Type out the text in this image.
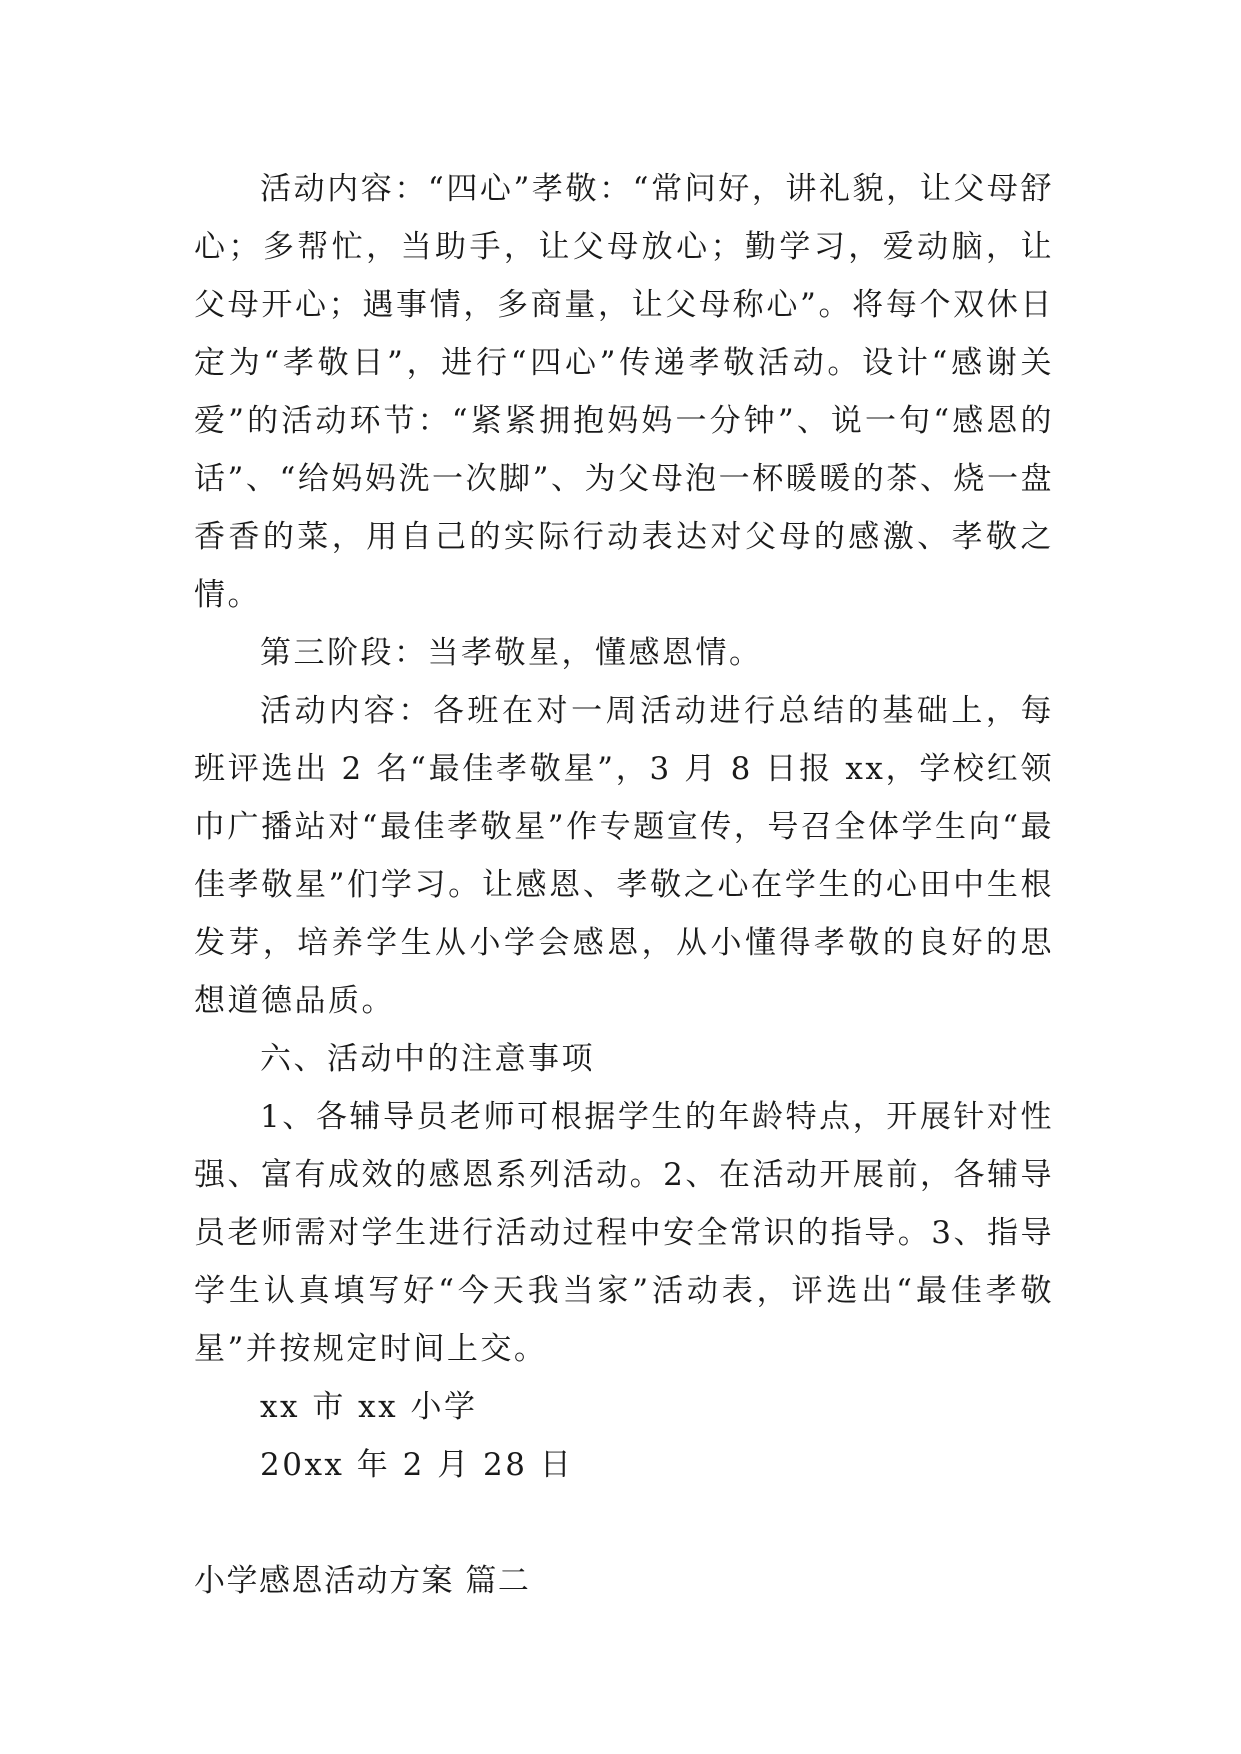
活动内容：“四心”孝敬：“常问好，讲礼貌，让父母舒心；多帮忙，当助手，让父母放心；勤学习，爱动脑，让父母开心；遇事情，多商量，让父母称心”。将每个双休日定为“孝敬日”，进行“四心”传递孝敬活动。设计“感谢关爱”的活动环节：“紧紧拥抱妈妈一分钟”、说一句“感恩的话”、“给妈妈洗一次脚”、为父母泡一杯暖暖的茶、烧一盘香香的菜，用自己的实际行动表达对父母的感激、孝敬之情。

第三阶段：当孝敬星，懂感恩情。

活动内容：各班在对一周活动进行总结的基础上，每班评选出 2 名“最佳孝敬星”，3 月 8 日报 xx，学校红领巾广播站对“最佳孝敬星”作专题宣传，号召全体学生向“最佳孝敬星”们学习。让感恩、孝敬之心在学生的心田中生根发芽，培养学生从小学会感恩，从小懂得孝敬的良好的思想道德品质。

六、活动中的注意事项

1、各辅导员老师可根据学生的年龄特点，开展针对性强、富有成效的感恩系列活动。2、在活动开展前，各辅导员老师需对学生进行活动过程中安全常识的指导。3、指导学生认真填写好“今天我当家”活动表，评选出“最佳孝敬星”并按规定时间上交。

xx 市 xx 小学

20xx 年 2 月 28 日

小学感恩活动方案 篇二
